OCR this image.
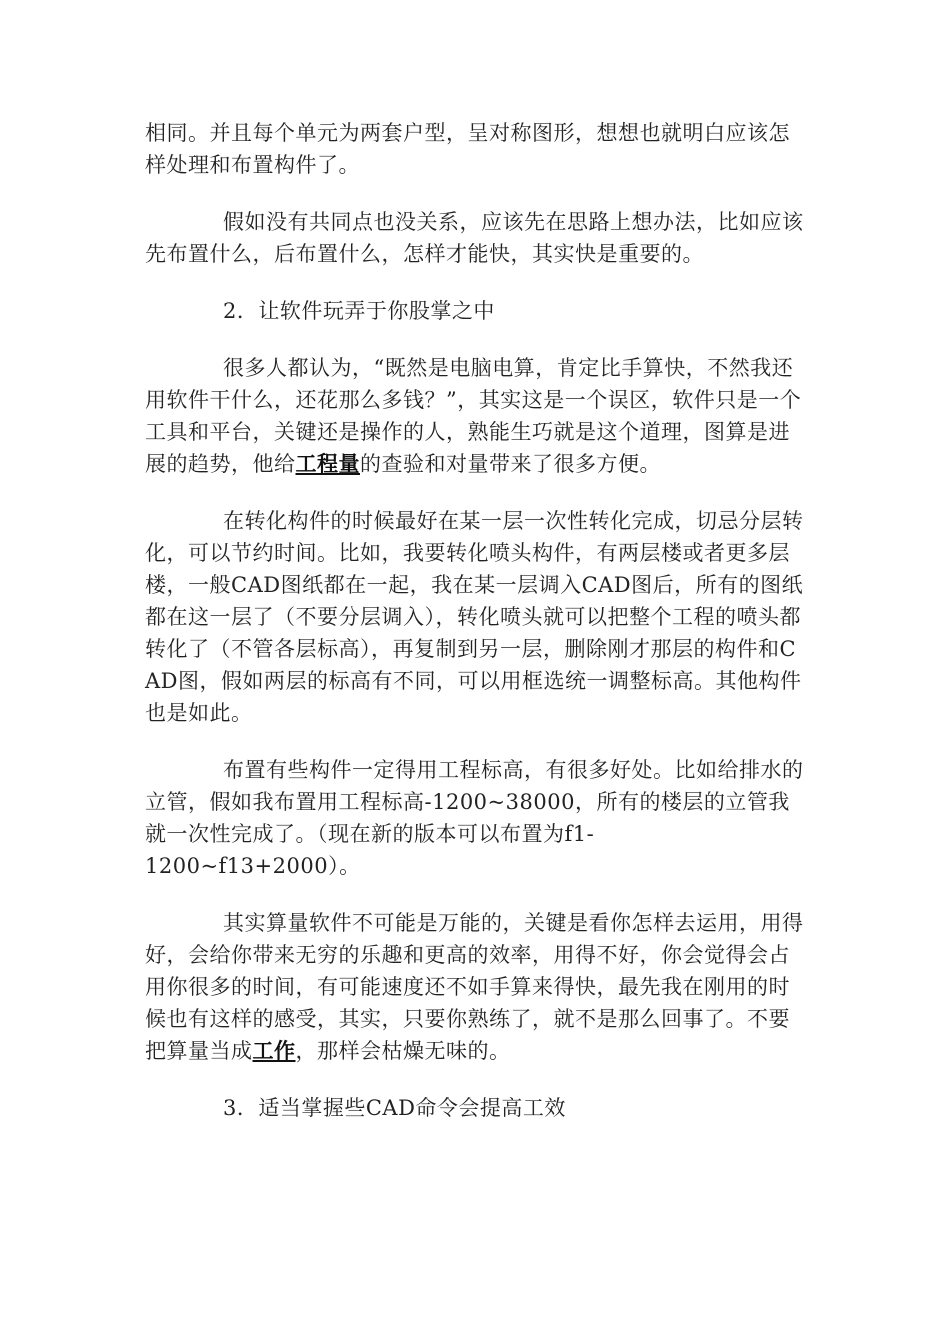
相同。并且每个单元为两套户型，呈对称图形，想想也就明白应该怎样处理和布置构件了。

假如没有共同点也没关系，应该先在思路上想办法，比如应该先布置什么，后布置什么，怎样才能快，其实快是重要的。

2．让软件玩弄于你股掌之中

很多人都认为，“既然是电脑电算，肯定比手算快，不然我还用软件干什么，还花那么多钱？”，其实这是一个误区，软件只是一个工具和平台，关键还是操作的人，熟能生巧就是这个道理，图算是进展的趋势，他给工程量的查验和对量带来了很多方便。

在转化构件的时候最好在某一层一次性转化完成，切忌分层转化，可以节约时间。比如，我要转化喷头构件，有两层楼或者更多层楼，一般CAD图纸都在一起，我在某一层调入CAD图后，所有的图纸都在这一层了（不要分层调入），转化喷头就可以把整个工程的喷头都转化了（不管各层标高），再复制到另一层，删除刚才那层的构件和CAD图，假如两层的标高有不同，可以用框选统一调整标高。其他构件也是如此。

布置有些构件一定得用工程标高，有很多好处。比如给排水的立管，假如我布置用工程标高-1200~38000，所有的楼层的立管我就一次性完成了。（现在新的版本可以布置为f1-
1200~f13+2000）。

其实算量软件不可能是万能的，关键是看你怎样去运用，用得好，会给你带来无穷的乐趣和更高的效率，用得不好，你会觉得会占用你很多的时间，有可能速度还不如手算来得快，最先我在刚用的时候也有这样的感受，其实，只要你熟练了，就不是那么回事了。不要把算量当成工作，那样会枯燥无味的。

3．适当掌握些CAD命令会提高工效
